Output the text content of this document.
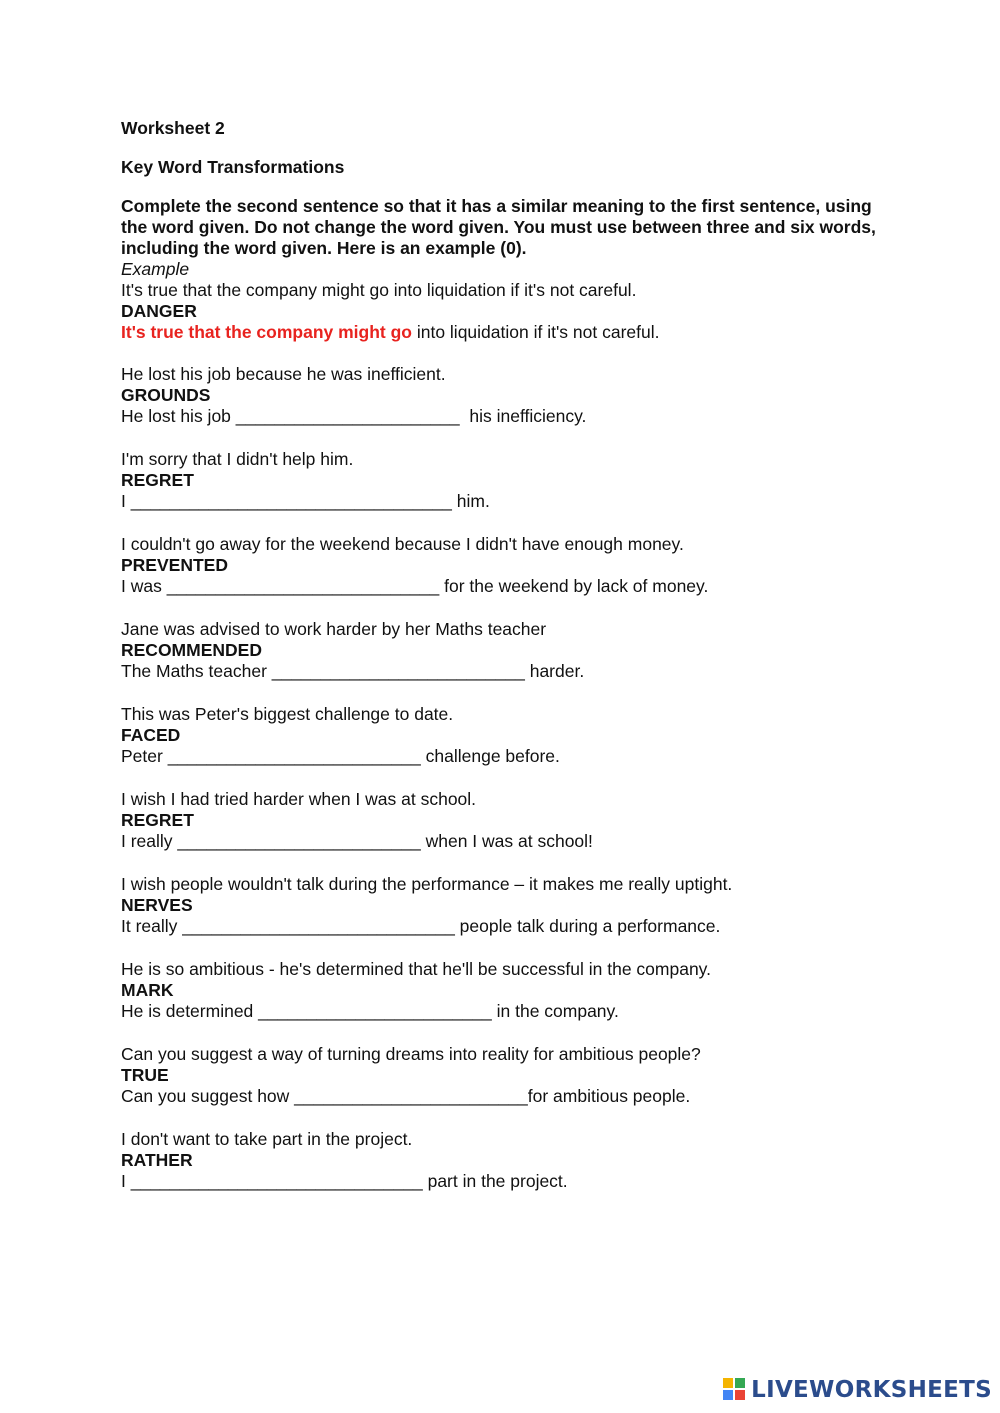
Worksheet 2

Key Word Transformations

Complete the second sentence so that it has a similar meaning to the first sentence, using the word given. Do not change the word given. You must use between three and six words, including the word given. Here is an example (0).

Example

It's true that the company might go into liquidation if it's not careful.

DANGER

It's true that the company might go into liquidation if it's not careful.

He lost his job because he was inefficient.

GROUNDS

He lost his job _______________________  his inefficiency.

I'm sorry that I didn't help him.

REGRET

I _________________________________ him.

I couldn't go away for the weekend because I didn't have enough money.

PREVENTED

I was ____________________________ for the weekend by lack of money.

Jane was advised to work harder by her Maths teacher

RECOMMENDED

The Maths teacher __________________________ harder.

This was Peter's biggest challenge to date.

FACED

Peter __________________________ challenge before.

I wish I had tried harder when I was at school.

REGRET

I really _________________________ when I was at school!

I wish people wouldn't talk during the performance – it makes me really uptight.

NERVES

It really ____________________________ people talk during a performance.

He is so ambitious - he's determined that he'll be successful in the company.

MARK

He is determined ________________________ in the company.

Can you suggest a way of turning dreams into reality for ambitious people?

TRUE

Can you suggest how ________________________for ambitious people.

I don't want to take part in the project.

RATHER

I ______________________________ part in the project.

LIVEWORKSHEETS
